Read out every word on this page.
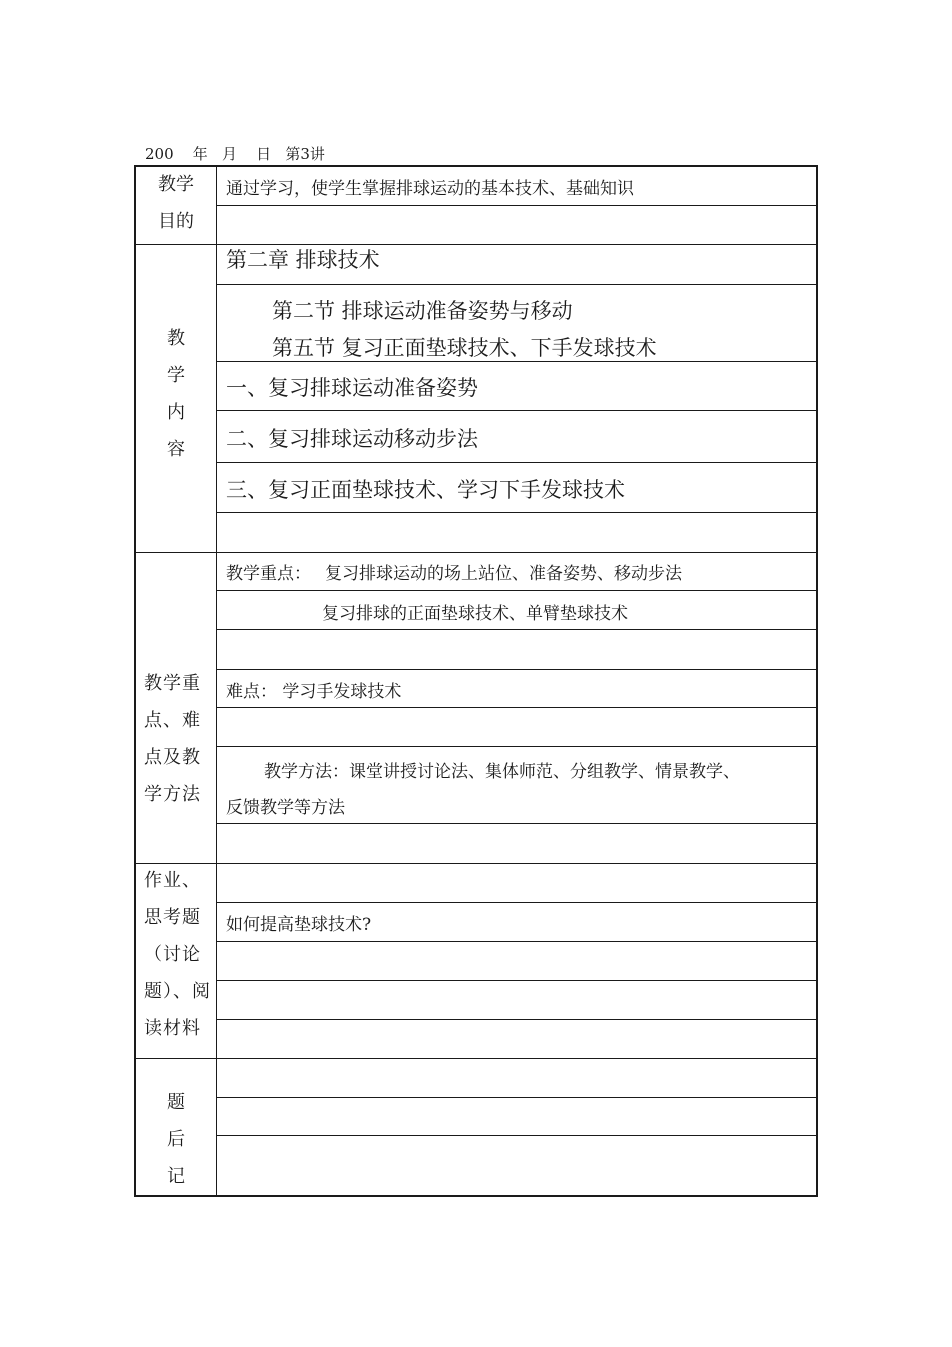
200    年   月    日   第3讲
教学
目的
教
学
内
容
教学重
点、难
点及教
学方法
作业、
思考题
（讨论
题）、阅
读材料
题
后
记
通过学习，使学生掌握排球运动的基本技术、基础知识
第二章 排球技术
第二节 排球运动准备姿势与移动
第五节 复习正面垫球技术、下手发球技术
一、复习排球运动准备姿势
二、复习排球运动移动步法
三、复习正面垫球技术、学习下手发球技术
教学重点： 复习排球运动的场上站位、准备姿势、移动步法
复习排球的正面垫球技术、单臂垫球技术
难点： 学习手发球技术
教学方法：课堂讲授讨论法、集体师范、分组教学、情景教学、
反馈教学等方法
如何提高垫球技术?
